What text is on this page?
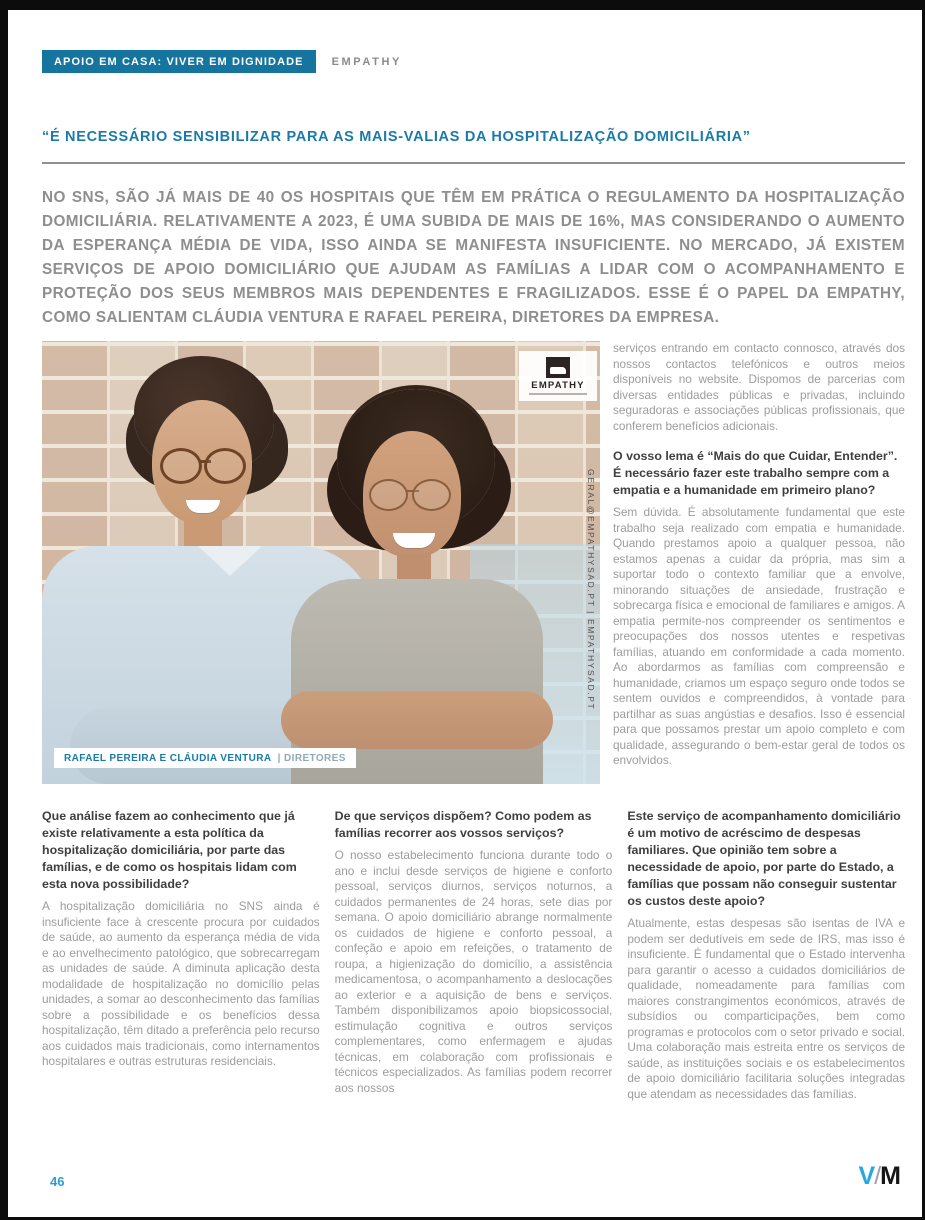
APOIO EM CASA: VIVER EM DIGNIDADE	EMPATHY
“É NECESSÁRIO SENSIBILIZAR PARA AS MAIS-VALIAS DA HOSPITALIZAÇÃO DOMICILIÁRIA”

NO SNS, SÃO JÁ MAIS DE 40 OS HOSPITAIS QUE TÊM EM PRÁTICA O REGULAMENTO DA HOSPITALIZAÇÃO DOMICILIÁRIA. RELATIVAMENTE A 2023, É UMA SUBIDA DE MAIS DE 16%, MAS CONSIDERANDO O AUMENTO DA ESPERANÇA MÉDIA DE VIDA, ISSO AINDA SE MANIFESTA INSUFICIENTE. NO MERCADO, JÁ EXISTEM SERVIÇOS DE APOIO DOMICILIÁRIO QUE AJUDAM AS FAMÍLIAS A LIDAR COM O ACOMPANHAMENTO E PROTEÇÃO DOS SEUS MEMBROS MAIS DEPENDENTES E FRAGILIZADOS. ESSE É O PAPEL DA EMPATHY, COMO SALIENTAM CLÁUDIA VENTURA E RAFAEL PEREIRA, DIRETORES DA EMPRESA.

EMPATHY
GERAL@EMPATHYSAD.PT | EMPATHYSAD.PT
RAFAEL PEREIRA E CLÁUDIA VENTURA | DIRETORES

serviços entrando em contacto connosco, através dos nossos contactos telefónicos e outros meios disponíveis no website. Dispomos de parcerias com diversas entidades públicas e privadas, incluindo seguradoras e associações públicas profissionais, que conferem benefícios adicionais.

O vosso lema é “Mais do que Cuidar, Entender”. É necessário fazer este trabalho sempre com a empatia e a humanidade em primeiro plano?

Sem dúvida. É absolutamente fundamental que este trabalho seja realizado com empatia e humanidade. Quando prestamos apoio a qualquer pessoa, não estamos apenas a cuidar da própria, mas sim a suportar todo o contexto familiar que a envolve, minorando situações de ansiedade, frustração e sobrecarga física e emocional de familiares e amigos. A empatia permite-nos compreender os sentimentos e preocupações dos nossos utentes e respetivas famílias, atuando em conformidade a cada momento. Ao abordarmos as famílias com compreensão e humanidade, criamos um espaço seguro onde todos se sentem ouvidos e compreendidos, à vontade para partilhar as suas angústias e desafios. Isso é essencial para que possamos prestar um apoio completo e com qualidade, assegurando o bem-estar geral de todos os envolvidos.

Que análise fazem ao conhecimento que já existe relativamente a esta política da hospitalização domiciliária, por parte das famílias, e de como os hospitais lidam com esta nova possibilidade?

A hospitalização domiciliária no SNS ainda é insuficiente face à crescente procura por cuidados de saúde, ao aumento da esperança média de vida e ao envelhecimento patológico, que sobrecarregam as unidades de saúde. A diminuta aplicação desta modalidade de hospitalização no domicílio pelas unidades, a somar ao desconhecimento das famílias sobre a possibilidade e os benefícios dessa hospitalização, têm ditado a preferência pelo recurso aos cuidados mais tradicionais, como internamentos hospitalares e outras estruturas residenciais.

De que serviços dispõem? Como podem as famílias recorrer aos vossos serviços?

O nosso estabelecimento funciona durante todo o ano e inclui desde serviços de higiene e conforto pessoal, serviços diurnos, serviços noturnos, a cuidados permanentes de 24 horas, sete dias por semana. O apoio domiciliário abrange normalmente os cuidados de higiene e conforto pessoal, a confeção e apoio em refeições, o tratamento de roupa, a higienização do domicílio, a assistência medicamentosa, o acompanhamento a deslocações ao exterior e a aquisição de bens e serviços. Também disponibilizamos apoio biopsicossocial, estimulação cognitiva e outros serviços complementares, como enfermagem e ajudas técnicas, em colaboração com profissionais e técnicos especializados. As famílias podem recorrer aos nossos

Este serviço de acompanhamento domiciliário é um motivo de acréscimo de despesas familiares. Que opinião tem sobre a necessidade de apoio, por parte do Estado, a famílias que possam não conseguir sustentar os custos deste apoio?

Atualmente, estas despesas são isentas de IVA e podem ser dedutíveis em sede de IRS, mas isso é insuficiente. É fundamental que o Estado intervenha para garantir o acesso a cuidados domiciliários de qualidade, nomeadamente para famílias com maiores constrangimentos económicos, através de subsídios ou comparticipações, bem como programas e protocolos com o setor privado e social. Uma colaboração mais estreita entre os serviços de saúde, as instituições sociais e os estabelecimentos de apoio domiciliário facilitaria soluções integradas que atendam as necessidades das famílias.

46	V/M
